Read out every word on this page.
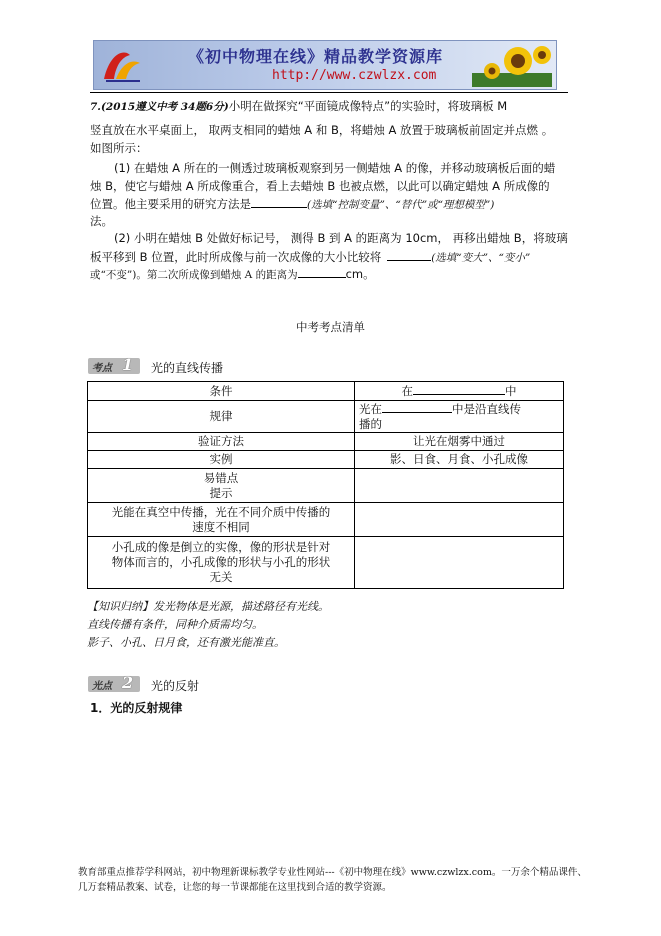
《初中物理在线》精品教学资源库
http://www.czwlzx.com
7.(2015遵义中考 34题6分)小明在做探究“平面镜成像特点”的实验时，将玻璃板 M
竖直放在水平桌面上， 取两支相同的蜡烛 A 和 B，将蜡烛 A 放置于玻璃板前固定并点燃 。
如图所示：
(1) 在蜡烛 A 所在的一侧透过玻璃板观察到另一侧蜡烛 A 的像，并移动玻璃板后面的蜡
烛 B，使它与蜡烛 A 所成像重合，看上去蜡烛 B 也被点燃，以此可以确定蜡烛 A 所成像的
位置。他主要采用的研究方法是	(选填“控制变量”、“替代”或“理想模型”)
法。
(2) 小明在蜡烛 B 处做好标记号， 测得 B 到 A 的距离为 10cm， 再移出蜡烛 B，将玻璃
板平移到 B 位置，此时所成像与前一次成像的大小比较将	(选填“变大”、“变小”
或“不变”)。第二次所成像到蜡烛 A 的距离为	cm。
中考考点清单
考点 1 光的直线传播
条件	在 中
规律	光在 中是沿直线传
播的

验证方法	让光在烟雾中通过
实例	影、日食、月食、小孔成像

易错点
提示	

光能在真空中传播，光在不同介质中传播的
速度不相同	

小孔成的像是倒立的实像，像的形状是针对
物体而言的，小孔成像的形状与小孔的形状
无关	

【知识归纳】发光物体是光源，描述路径有光线。
直线传播有条件，同种介质需均匀。
影子、小孔、日月食，还有激光能准直。
光点 2 光的反射
1．光的反射规律
教育部重点推荐学科网站，初中物理新课标教学专业性网站---《初中物理在线》www.czwlzx.com。一万余个精品课件、
几万套精品教案、试卷，让您的每一节课都能在这里找到合适的教学资源。
